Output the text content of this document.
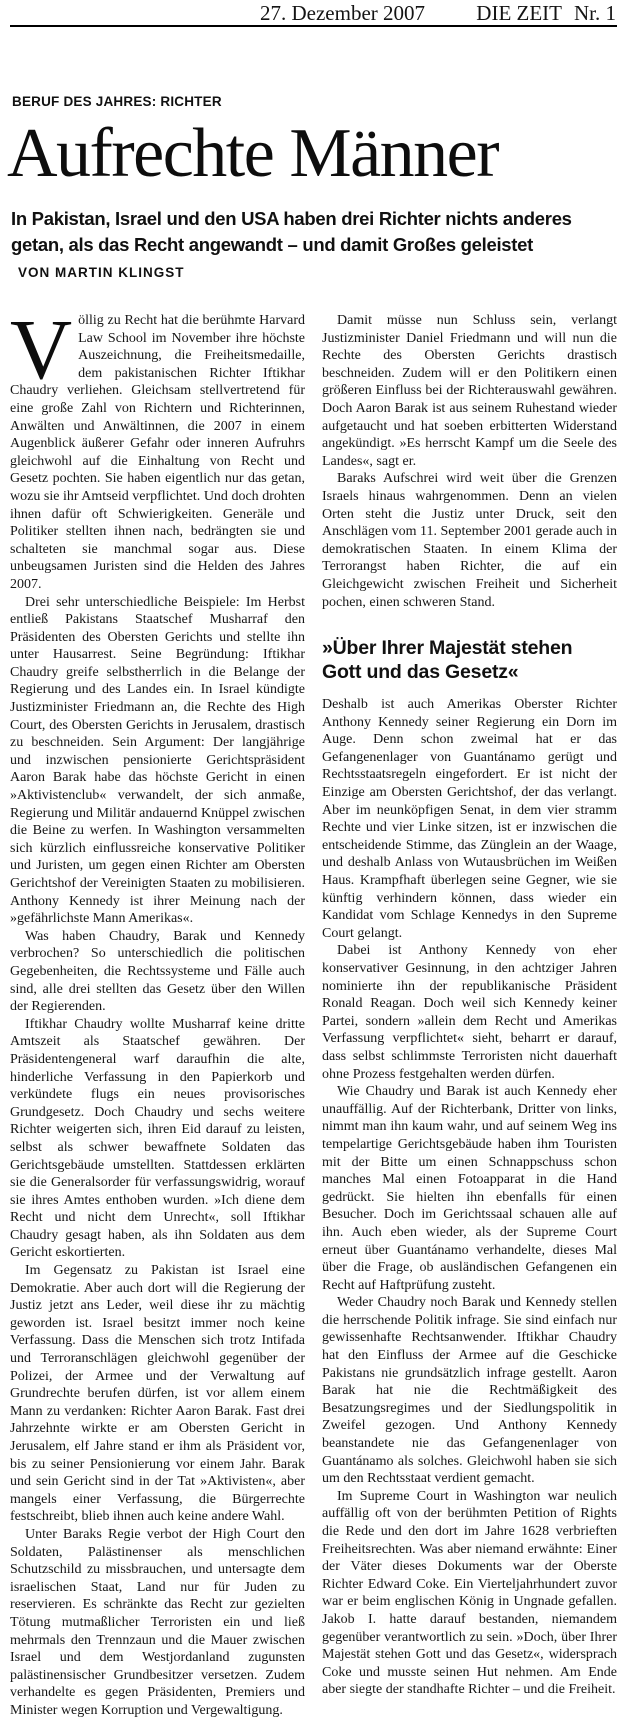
27. Dezember 2007 DIE ZEIT Nr. 1
BERUF DES JAHRES: RICHTER
Aufrechte Männer
In Pakistan, Israel und den USA haben drei Richter nichts anderes getan, als das Recht angewandt – und damit Großes geleistet VON MARTIN KLINGST

Völlig zu Recht hat die berühmte Harvard Law School im November ihre höchste Auszeichnung, die Freiheitsmedaille, dem pakistanischen Richter Iftikhar Chaudry verliehen. Gleichsam stellvertretend für eine große Zahl von Richtern und Richterinnen, Anwälten und Anwältinnen, die 2007 in einem Augenblick äußerer Gefahr oder inneren Aufruhrs gleichwohl auf die Einhaltung von Recht und Gesetz pochten. Sie haben eigentlich nur das getan, wozu sie ihr Amtseid verpflichtet. Und doch drohten ihnen dafür oft Schwierigkeiten. Generäle und Politiker stellten ihnen nach, bedrängten sie und schalteten sie manchmal sogar aus. Diese unbeugsamen Juristen sind die Helden des Jahres 2007.

Drei sehr unterschiedliche Beispiele: Im Herbst entließ Pakistans Staatschef Musharraf den Präsidenten des Obersten Gerichts und stellte ihn unter Hausarrest. Seine Begründung: Iftikhar Chaudry greife selbstherrlich in die Belange der Regierung und des Landes ein. In Israel kündigte Justizminister Friedmann an, die Rechte des High Court, des Obersten Gerichts in Jerusalem, drastisch zu beschneiden. Sein Argument: Der langjährige und inzwischen pensionierte Gerichtspräsident Aaron Barak habe das höchste Gericht in einen »Aktivistenclub« verwandelt, der sich anmaße, Regierung und Militär andauernd Knüppel zwischen die Beine zu werfen. In Washington versammelten sich kürzlich einflussreiche konservative Politiker und Juristen, um gegen einen Richter am Obersten Gerichtshof der Vereinigten Staaten zu mobilisieren. Anthony Kennedy ist ihrer Meinung nach der »gefährlichste Mann Amerikas«.

Was haben Chaudry, Barak und Kennedy verbrochen? So unterschiedlich die politischen Gegebenheiten, die Rechtssysteme und Fälle auch sind, alle drei stellten das Gesetz über den Willen der Regierenden.

Iftikhar Chaudry wollte Musharraf keine dritte Amtszeit als Staatschef gewähren. Der Präsidentengeneral warf daraufhin die alte, hinderliche Verfassung in den Papierkorb und verkündete flugs ein neues provisorisches Grundgesetz. Doch Chaudry und sechs weitere Richter weigerten sich, ihren Eid darauf zu leisten, selbst als schwer bewaffnete Soldaten das Gerichtsgebäude umstellten. Stattdessen erklärten sie die Generalsorder für verfassungswidrig, worauf sie ihres Amtes enthoben wurden. »Ich diene dem Recht und nicht dem Unrecht«, soll Iftikhar Chaudry gesagt haben, als ihn Soldaten aus dem Gericht eskortierten.

Im Gegensatz zu Pakistan ist Israel eine Demokratie. Aber auch dort will die Regierung der Justiz jetzt ans Leder, weil diese ihr zu mächtig geworden ist. Israel besitzt immer noch keine Verfassung. Dass die Menschen sich trotz Intifada und Terroranschlägen gleichwohl gegenüber der Polizei, der Armee und der Verwaltung auf Grundrechte berufen dürfen, ist vor allem einem Mann zu verdanken: Richter Aaron Barak. Fast drei Jahrzehnte wirkte er am Obersten Gericht in Jerusalem, elf Jahre stand er ihm als Präsident vor, bis zu seiner Pensionierung vor einem Jahr. Barak und sein Gericht sind in der Tat »Aktivisten«, aber mangels einer Verfassung, die Bürgerrechte festschreibt, blieb ihnen auch keine andere Wahl.

Unter Baraks Regie verbot der High Court den Soldaten, Palästinenser als menschlichen Schutzschild zu missbrauchen, und untersagte dem israelischen Staat, Land nur für Juden zu reservieren. Es schränkte das Recht zur gezielten Tötung mutmaßlicher Terroristen ein und ließ mehrmals den Trennzaun und die Mauer zwischen Israel und dem Westjordanland zugunsten palästinensischer Grundbesitzer versetzen. Zudem verhandelte es gegen Präsidenten, Premiers und Minister wegen Korruption und Vergewaltigung.

Damit müsse nun Schluss sein, verlangt Justizminister Daniel Friedmann und will nun die Rechte des Obersten Gerichts drastisch beschneiden. Zudem will er den Politikern einen größeren Einfluss bei der Richterauswahl gewähren. Doch Aaron Barak ist aus seinem Ruhestand wieder aufgetaucht und hat soeben erbitterten Widerstand angekündigt. »Es herrscht Kampf um die Seele des Landes«, sagt er.

Baraks Aufschrei wird weit über die Grenzen Israels hinaus wahrgenommen. Denn an vielen Orten steht die Justiz unter Druck, seit den Anschlägen vom 11. September 2001 gerade auch in demokratischen Staaten. In einem Klima der Terrorangst haben Richter, die auf ein Gleichgewicht zwischen Freiheit und Sicherheit pochen, einen schweren Stand.

»Über Ihrer Majestät stehen
Gott und das Gesetz«

Deshalb ist auch Amerikas Oberster Richter Anthony Kennedy seiner Regierung ein Dorn im Auge. Denn schon zweimal hat er das Gefangenenlager von Guantánamo gerügt und Rechtsstaatsregeln eingefordert. Er ist nicht der Einzige am Obersten Gerichtshof, der das verlangt. Aber im neunköpfigen Senat, in dem vier stramm Rechte und vier Linke sitzen, ist er inzwischen die entscheidende Stimme, das Zünglein an der Waage, und deshalb Anlass von Wutausbrüchen im Weißen Haus. Krampfhaft überlegen seine Gegner, wie sie künftig verhindern können, dass wieder ein Kandidat vom Schlage Kennedys in den Supreme Court gelangt.

Dabei ist Anthony Kennedy von eher konservativer Gesinnung, in den achtziger Jahren nominierte ihn der republikanische Präsident Ronald Reagan. Doch weil sich Kennedy keiner Partei, sondern »allein dem Recht und Amerikas Verfassung verpflichtet« sieht, beharrt er darauf, dass selbst schlimmste Terroristen nicht dauerhaft ohne Prozess festgehalten werden dürfen.

Wie Chaudry und Barak ist auch Kennedy eher unauffällig. Auf der Richterbank, Dritter von links, nimmt man ihn kaum wahr, und auf seinem Weg ins tempelartige Gerichtsgebäude haben ihm Touristen mit der Bitte um einen Schnappschuss schon manches Mal einen Fotoapparat in die Hand gedrückt. Sie hielten ihn ebenfalls für einen Besucher. Doch im Gerichtssaal schauen alle auf ihn. Auch eben wieder, als der Supreme Court erneut über Guantánamo verhandelte, dieses Mal über die Frage, ob ausländischen Gefangenen ein Recht auf Haftprüfung zusteht.

Weder Chaudry noch Barak und Kennedy stellen die herrschende Politik infrage. Sie sind einfach nur gewissenhafte Rechtsanwender. Iftikhar Chaudry hat den Einfluss der Armee auf die Geschicke Pakistans nie grundsätzlich infrage gestellt. Aaron Barak hat nie die Rechtmäßigkeit des Besatzungsregimes und der Siedlungspolitik in Zweifel gezogen. Und Anthony Kennedy beanstandete nie das Gefangenenlager von Guantánamo als solches. Gleichwohl haben sie sich um den Rechtsstaat verdient gemacht.

Im Supreme Court in Washington war neulich auffällig oft von der berühmten Petition of Rights die Rede und den dort im Jahre 1628 verbrieften Freiheitsrechten. Was aber niemand erwähnte: Einer der Väter dieses Dokuments war der Oberste Richter Edward Coke. Ein Vierteljahrhundert zuvor war er beim englischen König in Ungnade gefallen. Jakob I. hatte darauf bestanden, niemandem gegenüber verantwortlich zu sein. »Doch, über Ihrer Majestät stehen Gott und das Gesetz«, widersprach Coke und musste seinen Hut nehmen. Am Ende aber siegte der standhafte Richter – und die Freiheit.
